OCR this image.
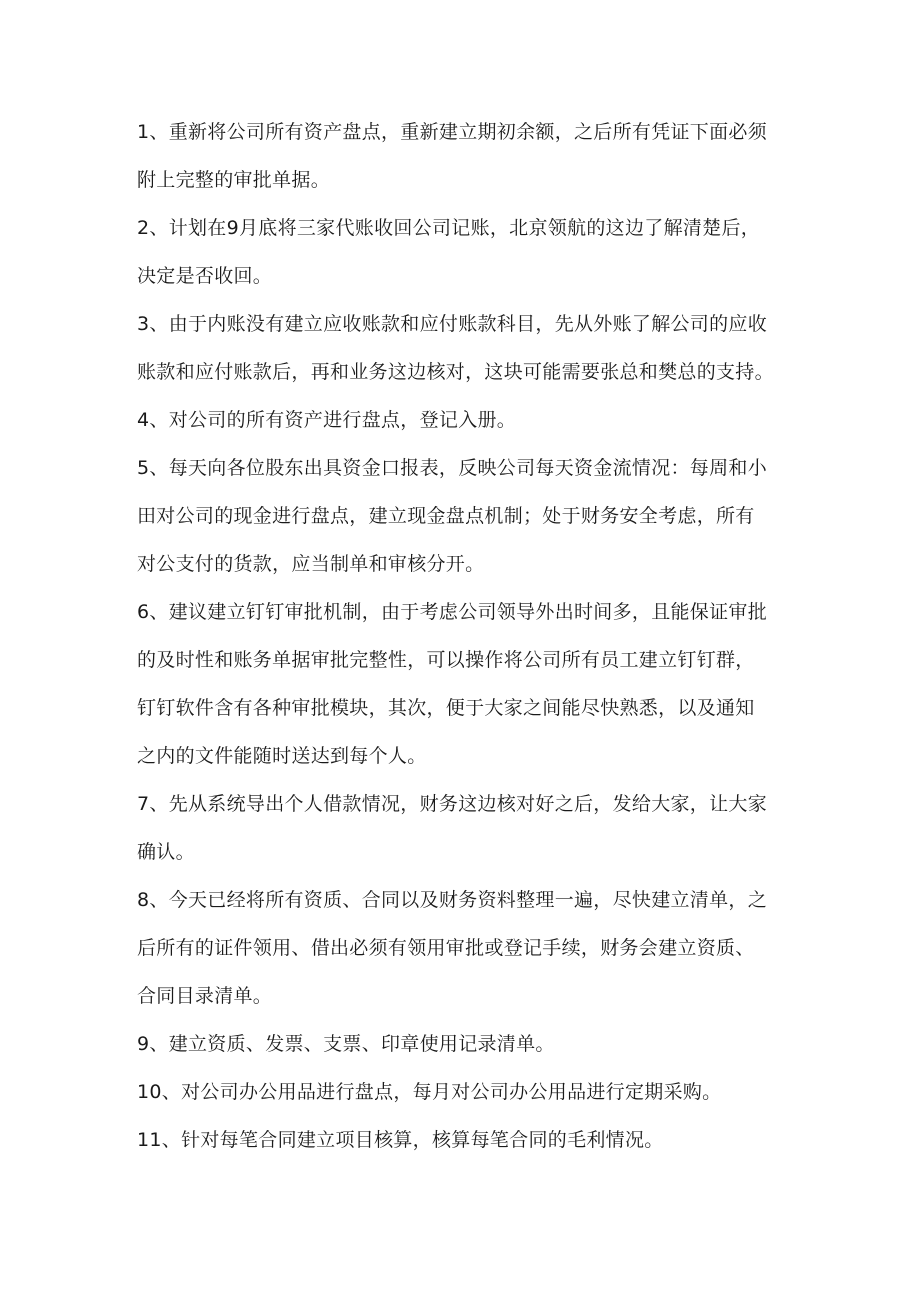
1、重新将公司所有资产盘点，重新建立期初余额，之后所有凭证下面必须
附上完整的审批单据。
2、计划在9月底将三家代账收回公司记账，北京领航的这边了解清楚后，
决定是否收回。
3、由于内账没有建立应收账款和应付账款科目，先从外账了解公司的应收
账款和应付账款后，再和业务这边核对，这块可能需要张总和樊总的支持。
4、对公司的所有资产进行盘点，登记入册。
5、每天向各位股东出具资金口报表，反映公司每天资金流情况：每周和小
田对公司的现金进行盘点，建立现金盘点机制；处于财务安全考虑，所有
对公支付的货款，应当制单和审核分开。
6、建议建立钉钉审批机制，由于考虑公司领导外出时间多，且能保证审批
的及时性和账务单据审批完整性，可以操作将公司所有员工建立钉钉群，
钉钉软件含有各种审批模块，其次，便于大家之间能尽快熟悉，以及通知
之内的文件能随时送达到每个人。
7、先从系统导出个人借款情况，财务这边核对好之后，发给大家，让大家
确认。
8、今天已经将所有资质、合同以及财务资料整理一遍，尽快建立清单，之
后所有的证件领用、借出必须有领用审批或登记手续，财务会建立资质、
合同目录清单。
9、建立资质、发票、支票、印章使用记录清单。
10、对公司办公用品进行盘点，每月对公司办公用品进行定期采购。
11、针对每笔合同建立项目核算，核算每笔合同的毛利情况。
